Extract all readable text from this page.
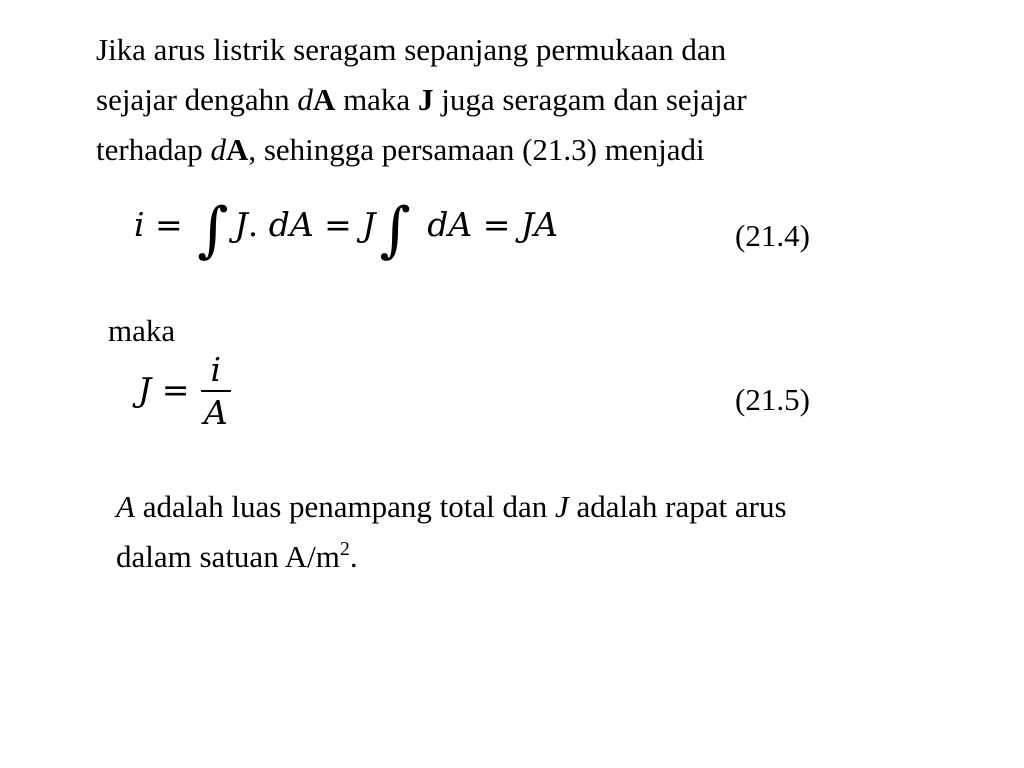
Jika arus listrik seragam sepanjang permukaan dan
sejajar dengahn dA maka J juga seragam dan sejajar
terhadap dA, sehingga persamaan (21.3) menjadi
i = ∫ J. dA = J∫ dA = JA	(21.4)
maka
$J = \frac{i}{A}$	(21.5)
A adalah luas penampang total dan J adalah rapat arus
dalam satuan $A/m^2$.
